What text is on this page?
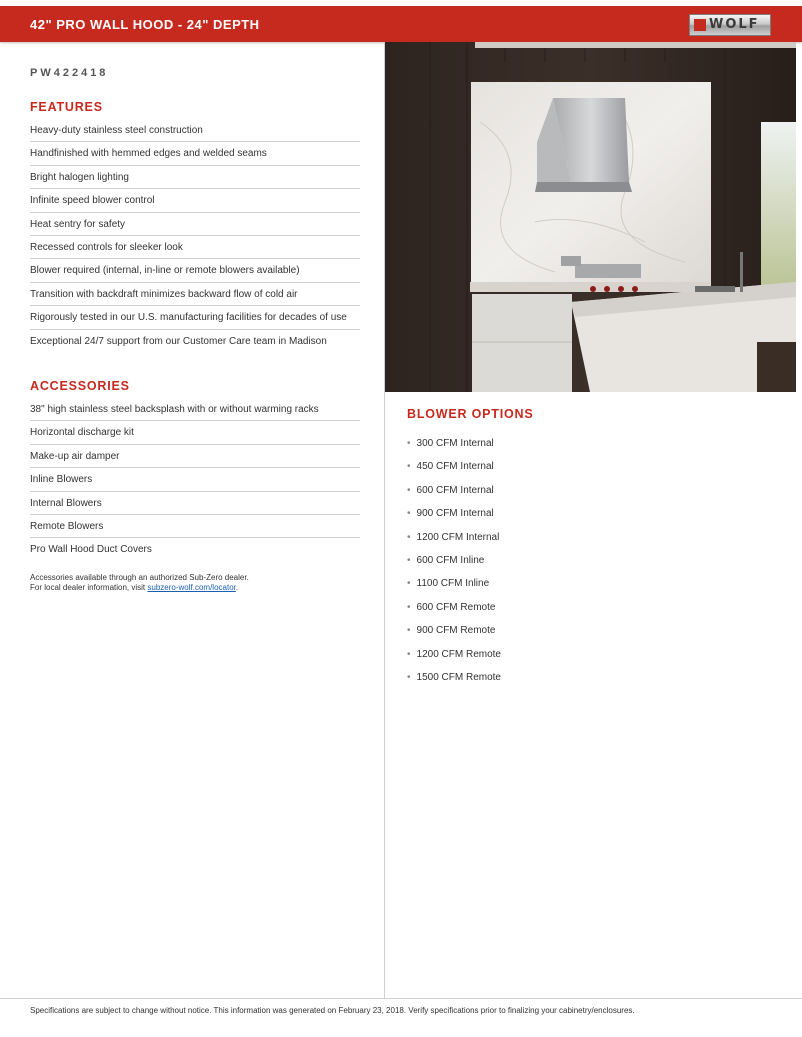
42" PRO WALL HOOD - 24" DEPTH	WOLF
PW422418
FEATURES
Heavy-duty stainless steel construction
Handfinished with hemmed edges and welded seams
Bright halogen lighting
Infinite speed blower control
Heat sentry for safety
Recessed controls for sleeker look
Blower required (internal, in-line or remote blowers available)
Transition with backdraft minimizes backward flow of cold air
Rigorously tested in our U.S. manufacturing facilities for decades of use
Exceptional 24/7 support from our Customer Care team in Madison
ACCESSORIES
38" high stainless steel backsplash with or without warming racks
Horizontal discharge kit
Make-up air damper
Inline Blowers
Internal Blowers
Remote Blowers
Pro Wall Hood Duct Covers
Accessories available through an authorized Sub-Zero dealer.
For local dealer information, visit subzero-wolf.com/locator.
BLOWER OPTIONS
• 300 CFM Internal
• 450 CFM Internal
• 600 CFM Internal
• 900 CFM Internal
• 1200 CFM Internal
• 600 CFM Inline
• 1100 CFM Inline
• 600 CFM Remote
• 900 CFM Remote
• 1200 CFM Remote
• 1500 CFM Remote
Specifications are subject to change without notice. This information was generated on February 23, 2018. Verify specifications prior to finalizing your cabinetry/enclosures.
